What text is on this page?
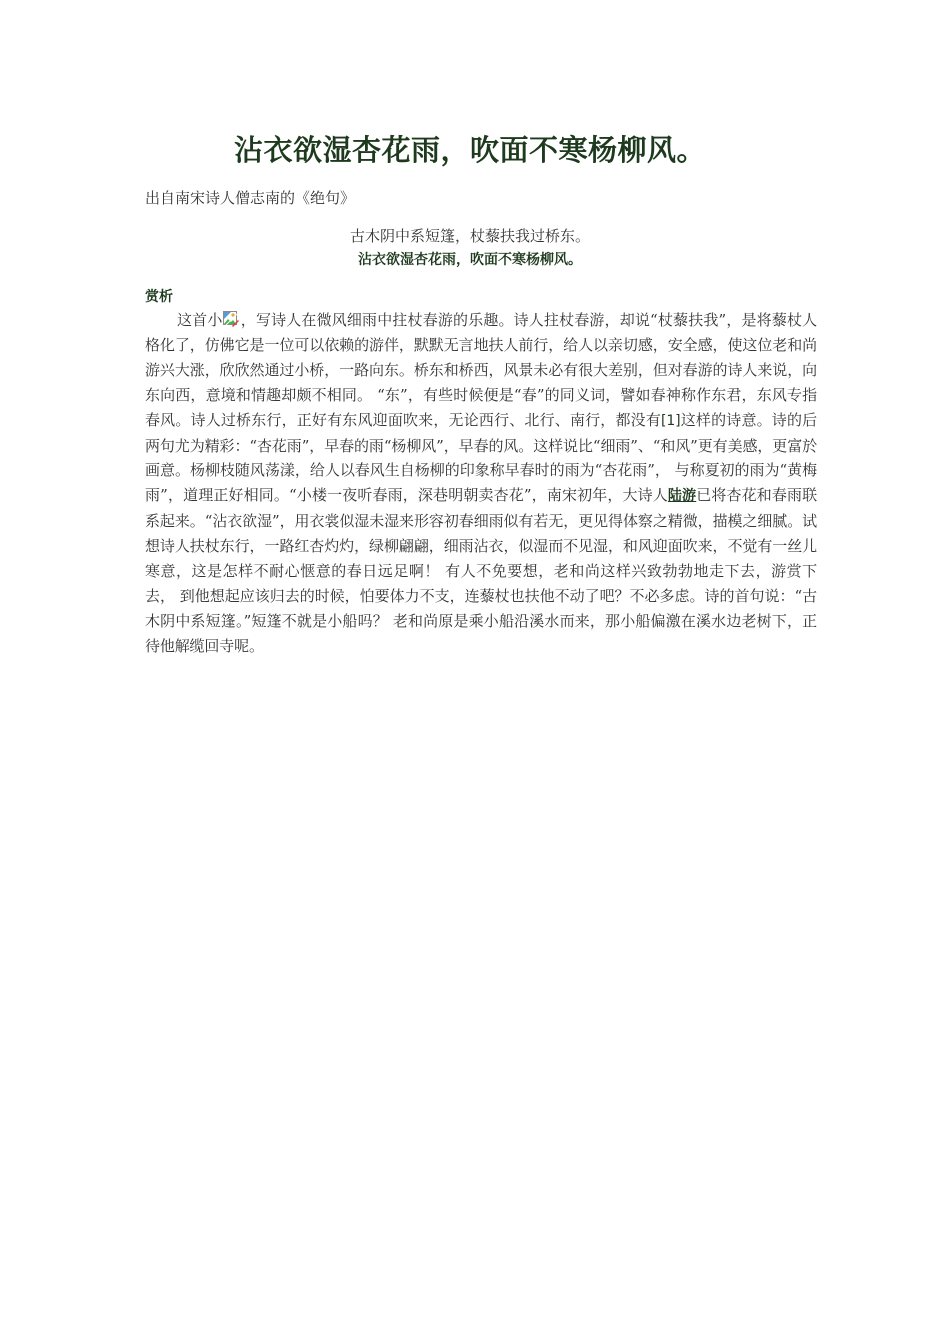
沾衣欲湿杏花雨，吹面不寒杨柳风。

出自南宋诗人僧志南的《绝句》

古木阴中系短篷，杖藜扶我过桥东。
沾衣欲湿杏花雨，吹面不寒杨柳风。
赏析

这首小 ，写诗人在微风细雨中拄杖春游的乐趣。诗人拄杖春游，却说“杖藜扶我”，是将藜杖人格化了，仿佛它是一位可以依赖的游伴，默默无言地扶人前行，给人以亲切感，安全感，使这位老和尚 游兴大涨，欣欣然通过小桥，一路向东。桥东和桥西，风景未必有很大差别，但对春游的诗人来说，向东向西，意境和情趣却颇不相同。 “东”，有些时候便是“春”的同义词，譬如春神称作东君，东风专指春风。诗人过桥东行，正好有东风迎面吹来，无论西行、北行、南行，都没有[1]这样的诗意。诗的后两句尤为精彩：“杏花雨”，早春的雨“杨柳风”，早春的风。这样说比“细雨”、“和风”更有美感，更富於画意。杨柳枝随风荡漾，给人以春风生自杨柳的印象称早春时的雨为“杏花雨”， 与称夏初的雨为“黄梅雨”，道理正好相同。“小楼一夜听春雨，深巷明朝卖杏花”，南宋初年，大诗人陆游已将杏花和春雨联系起来。“沾衣欲湿”，用衣裳似湿未湿来形容初春细雨似有若无，更见得体察之精微，描模之细腻。试想诗人扶杖东行，一路红杏灼灼，绿柳翩翩，细雨沾衣，似湿而不见湿，和风迎面吹来，不觉有一丝儿寒意，这是怎样不耐心惬意的春日远足啊！ 有人不免要想，老和尚这样兴致勃勃地走下去，游赏下去， 到他想起应该归去的时候，怕要体力不支，连藜杖也扶他不动了吧？不必多虑。诗的首句说：“古木阴中系短篷。”短篷不就是小船吗？ 老和尚原是乘小船沿溪水而来，那小船偏激在溪水边老树下，正待他解缆回寺呢。
